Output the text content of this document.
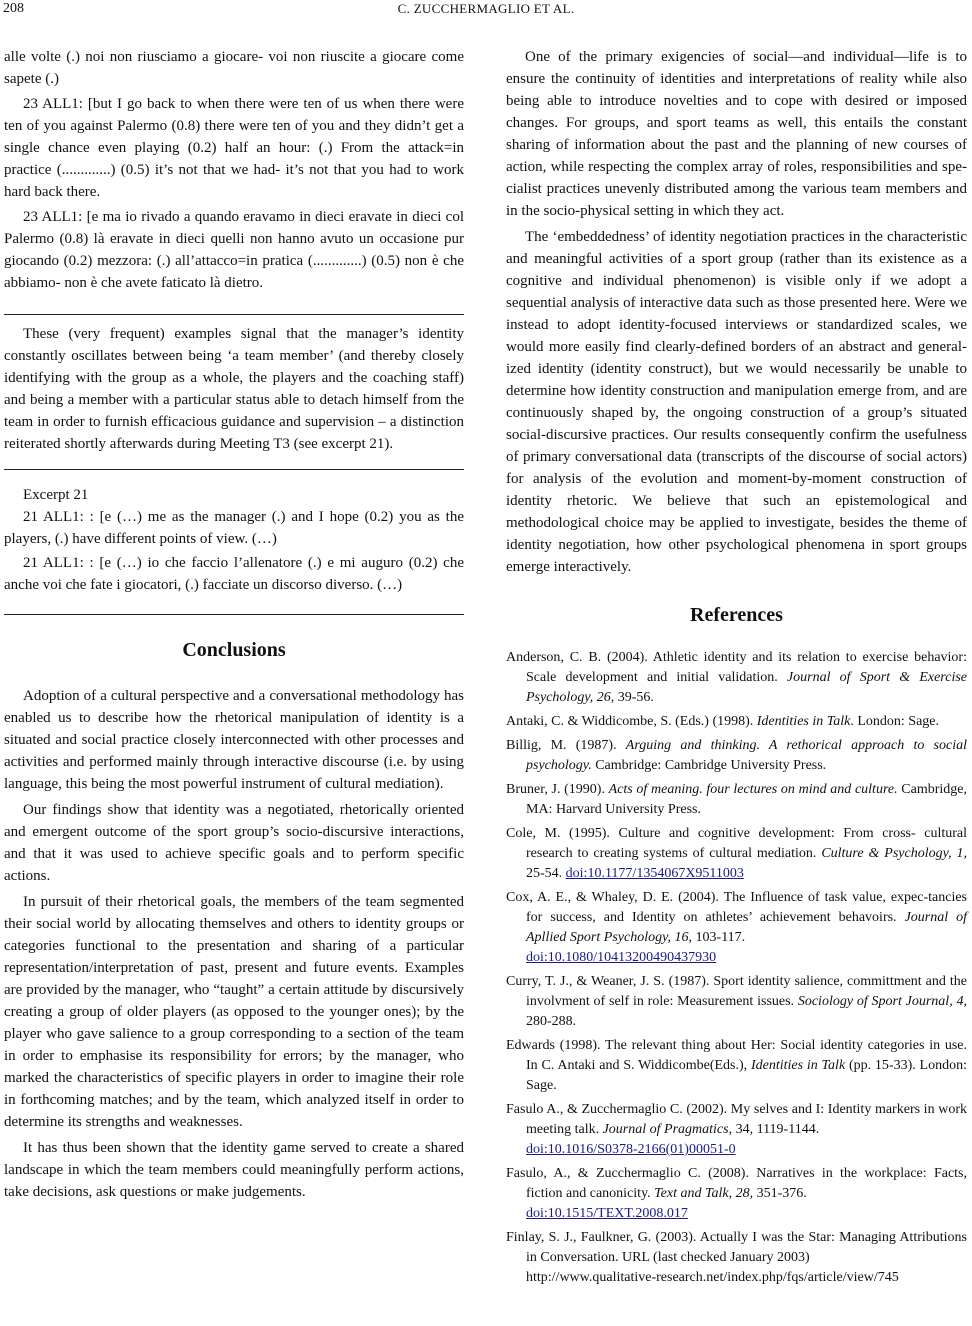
208	C. ZUCCHERMAGLIO ET AL.

alle volte (.) noi non riusciamo a giocare- voi non riuscite a giocare come sapete (.)

23 ALL1: [but I go back to when there were ten of us when there were ten of you against Palermo (0.8) there were ten of you and they didn’t get a single chance even playing (0.2) half an hour: (.) From the attack=in practice (.............) (0.5) it’s not that we had- it’s not that you had to work hard back there.

23 ALL1: [e ma io rivado a quando eravamo in dieci eravate in dieci col Palermo (0.8) là eravate in dieci quelli non hanno avuto un occasione pur giocando (0.2) mezzora: (.) all’attacco=in pratica (.............) (0.5) non è che abbiamo- non è che avete faticato là dietro.

These (very frequent) examples signal that the manager’s identity constantly oscillates between being ‘a team member’ (and thereby closely identifying with the group as a whole, the players and the coaching staff) and being a member with a particular status able to detach himself from the team in order to furnish efficacious guidance and supervision – a distinction reiterated shortly afterwards during Meeting T3 (see excerpt 21).

Excerpt 21

21 ALL1: : [e (…) me as the manager (.) and I hope (0.2) you as the players, (.) have different points of view. (…)

21 ALL1: : [e (…) io che faccio l’allenatore (.) e mi auguro (0.2) che anche voi che fate i giocatori, (.) facciate un discorso diverso. (…)

Conclusions

Adoption of a cultural perspective and a conversational methodology has enabled us to describe how the rhetorical manipulation of identity is a situated and social practice closely interconnected with other processes and activities and performed mainly through interactive discourse (i.e. by using language, this being the most powerful instrument of cultural mediation).

Our findings show that identity was a negotiated, rhetorically oriented and emergent outcome of the sport group’s socio-discursive interactions, and that it was used to achieve specific goals and to perform specific actions.

In pursuit of their rhetorical goals, the members of the team segmented their social world by allocating themselves and others to identity groups or categories functional to the presentation and sharing of a particular representation/interpretation of past, present and future events. Examples are provided by the manager, who “taught” a certain attitude by discursively creating a group of older players (as opposed to the younger ones); by the player who gave salience to a group corresponding to a section of the team in order to emphasise its responsibility for errors; by the manager, who marked the characteristics of specific players in order to imagine their role in forthcoming matches; and by the team, which analyzed itself in order to determine its strengths and weaknesses.

It has thus been shown that the identity game served to create a shared landscape in which the team members could meaningfully perform actions, take decisions, ask questions or make judgements.

One of the primary exigencies of social—and individual—life is to ensure the continuity of identities and interpretations of reality while also being able to introduce novelties and to cope with desired or imposed changes. For groups, and sport teams as well, this entails the constant sharing of information about the past and the planning of new courses of action, while respecting the complex array of roles, responsibilities and specialist practices unevenly distributed among the various team members and in the socio-physical setting in which they act.

The ‘embeddedness’ of identity negotiation practices in the characteristic and meaningful activities of a sport group (rather than its existence as a cognitive and individual phenomenon) is visible only if we adopt a sequential analysis of interactive data such as those presented here. Were we instead to adopt identity-focused interviews or standardized scales, we would more easily find clearly-defined borders of an abstract and generalized identity (identity construct), but we would necessarily be unable to determine how identity construction and manipulation emerge from, and are continuously shaped by, the ongoing construction of a group’s situated social-discursive practices. Our results consequently confirm the usefulness of primary conversational data (transcripts of the discourse of social actors) for analysis of the evolution and moment-by-moment construction of identity rhetoric. We believe that such an epistemological and methodological choice may be applied to investigate, besides the theme of identity negotiation, how other psychological phenomena in sport groups emerge interactively.

References

Anderson, C. B. (2004). Athletic identity and its relation to exercise behavior: Scale development and initial validation. Journal of Sport & Exercise Psychology, 26, 39-56.

Antaki, C. & Widdicombe, S. (Eds.) (1998). Identities in Talk. London: Sage.

Billig, M. (1987). Arguing and thinking. A rethorical approach to social psychology. Cambridge: Cambridge University Press.

Bruner, J. (1990). Acts of meaning. four lectures on mind and culture. Cambridge, MA: Harvard University Press.

Cole, M. (1995). Culture and cognitive development: From cross- cultural research to creating systems of cultural mediation. Culture & Psychology, 1, 25-54. doi:10.1177/1354067X9511003

Cox, A. E., & Whaley, D. E. (2004). The Influence of task value, expec-tancies for success, and Identity on athletes’ achievement behavoirs. Journal of Apllied Sport Psychology, 16, 103-117.
doi:10.1080/10413200490437930

Curry, T. J., & Weaner, J. S. (1987). Sport identity salience, committment and the involvment of self in role: Measurement issues. Sociology of Sport Journal, 4, 280-288.

Edwards (1998). The relevant thing about Her: Social identity categories in use. In C. Antaki and S. Widdicombe(Eds.), Identities in Talk (pp. 15-33). London: Sage.

Fasulo A., & Zucchermaglio C. (2002). My selves and I: Identity markers in work meeting talk. Journal of Pragmatics, 34, 1119-1144.
doi:10.1016/S0378-2166(01)00051-0

Fasulo, A., & Zucchermaglio C. (2008). Narratives in the workplace: Facts, fiction and canonicity. Text and Talk, 28, 351-376.
doi:10.1515/TEXT.2008.017

Finlay, S. J., Faulkner, G. (2003). Actually I was the Star: Managing Attributions in Conversation. URL (last checked January 2003)
http://www.qualitative-research.net/index.php/fqs/article/view/745
